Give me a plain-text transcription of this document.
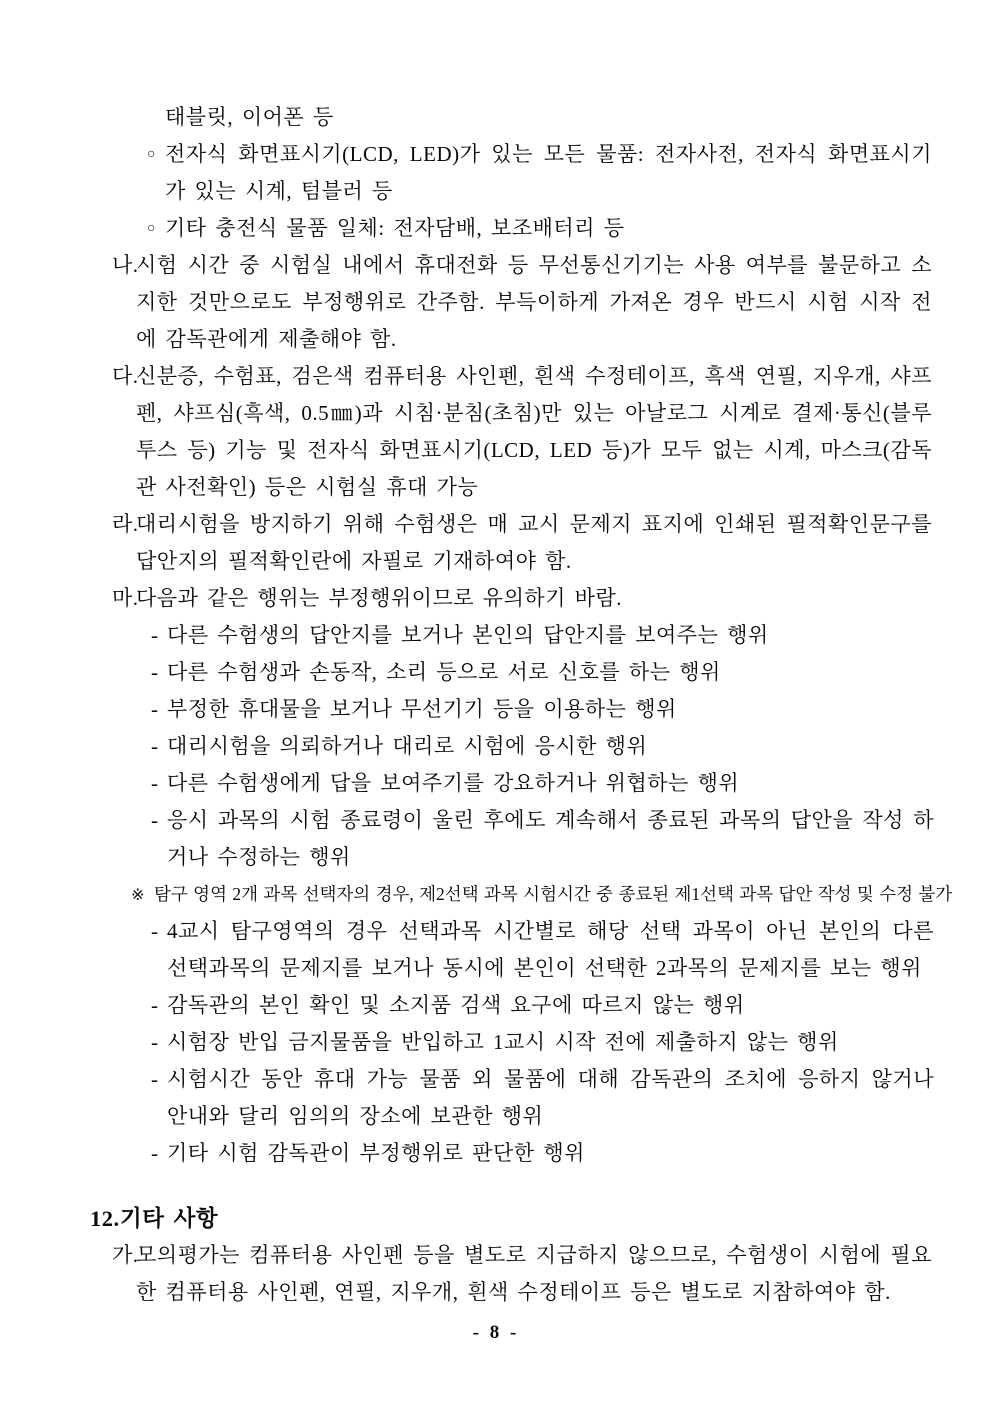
태블릿, 이어폰 등

○ 전자식 화면표시기(LCD, LED)가 있는 모든 물품: 전자사전, 전자식 화면표시기가 있는 시계, 텀블러 등

○ 기타 충전식 물품 일체: 전자담배, 보조배터리 등

나.
시험 시간 중 시험실 내에서 휴대전화 등 무선통신기기는 사용 여부를 불문하고 소지한 것만으로도 부정행위로 간주함. 부득이하게 가져온 경우 반드시 시험 시작 전에 감독관에게 제출해야 함.

다.
신분증, 수험표, 검은색 컴퓨터용 사인펜, 흰색 수정테이프, 흑색 연필, 지우개, 샤프펜, 샤프심(흑색, 0.5㎜)과 시침·분침(초침)만 있는 아날로그 시계로 결제·통신(블루투스 등) 기능 및 전자식 화면표시기(LCD, LED 등)가 모두 없는 시계, 마스크(감독관 사전확인) 등은 시험실 휴대 가능

라.
대리시험을 방지하기 위해 수험생은 매 교시 문제지 표지에 인쇄된 필적확인문구를 답안지의 필적확인란에 자필로 기재하여야 함.

마.
다음과 같은 행위는 부정행위이므로 유의하기 바람.

- 다른 수험생의 답안지를 보거나 본인의 답안지를 보여주는 행위

- 다른 수험생과 손동작, 소리 등으로 서로 신호를 하는 행위

- 부정한 휴대물을 보거나 무선기기 등을 이용하는 행위

- 대리시험을 의뢰하거나 대리로 시험에 응시한 행위

- 다른 수험생에게 답을 보여주기를 강요하거나 위협하는 행위

- 응시 과목의 시험 종료령이 울린 후에도 계속해서 종료된 과목의 답안을 작성 하거나 수정하는 행위

※ 탐구 영역 2개 과목 선택자의 경우, 제2선택 과목 시험시간 중 종료된 제1선택 과목 답안 작성 및 수정 불가

- 4교시 탐구영역의 경우 선택과목 시간별로 해당 선택 과목이 아닌 본인의 다른 선택과목의 문제지를 보거나 동시에 본인이 선택한 2과목의 문제지를 보는 행위

- 감독관의 본인 확인 및 소지품 검색 요구에 따르지 않는 행위

- 시험장 반입 금지물품을 반입하고 1교시 시작 전에 제출하지 않는 행위

- 시험시간 동안 휴대 가능 물품 외 물품에 대해 감독관의 조치에 응하지 않거나 안내와 달리 임의의 장소에 보관한 행위

- 기타 시험 감독관이 부정행위로 판단한 행위

12. 기타 사항

가.
모의평가는 컴퓨터용 사인펜 등을 별도로 지급하지 않으므로, 수험생이 시험에 필요한 컴퓨터용 사인펜, 연필, 지우개, 흰색 수정테이프 등은 별도로 지참하여야 함.

- 8 -
